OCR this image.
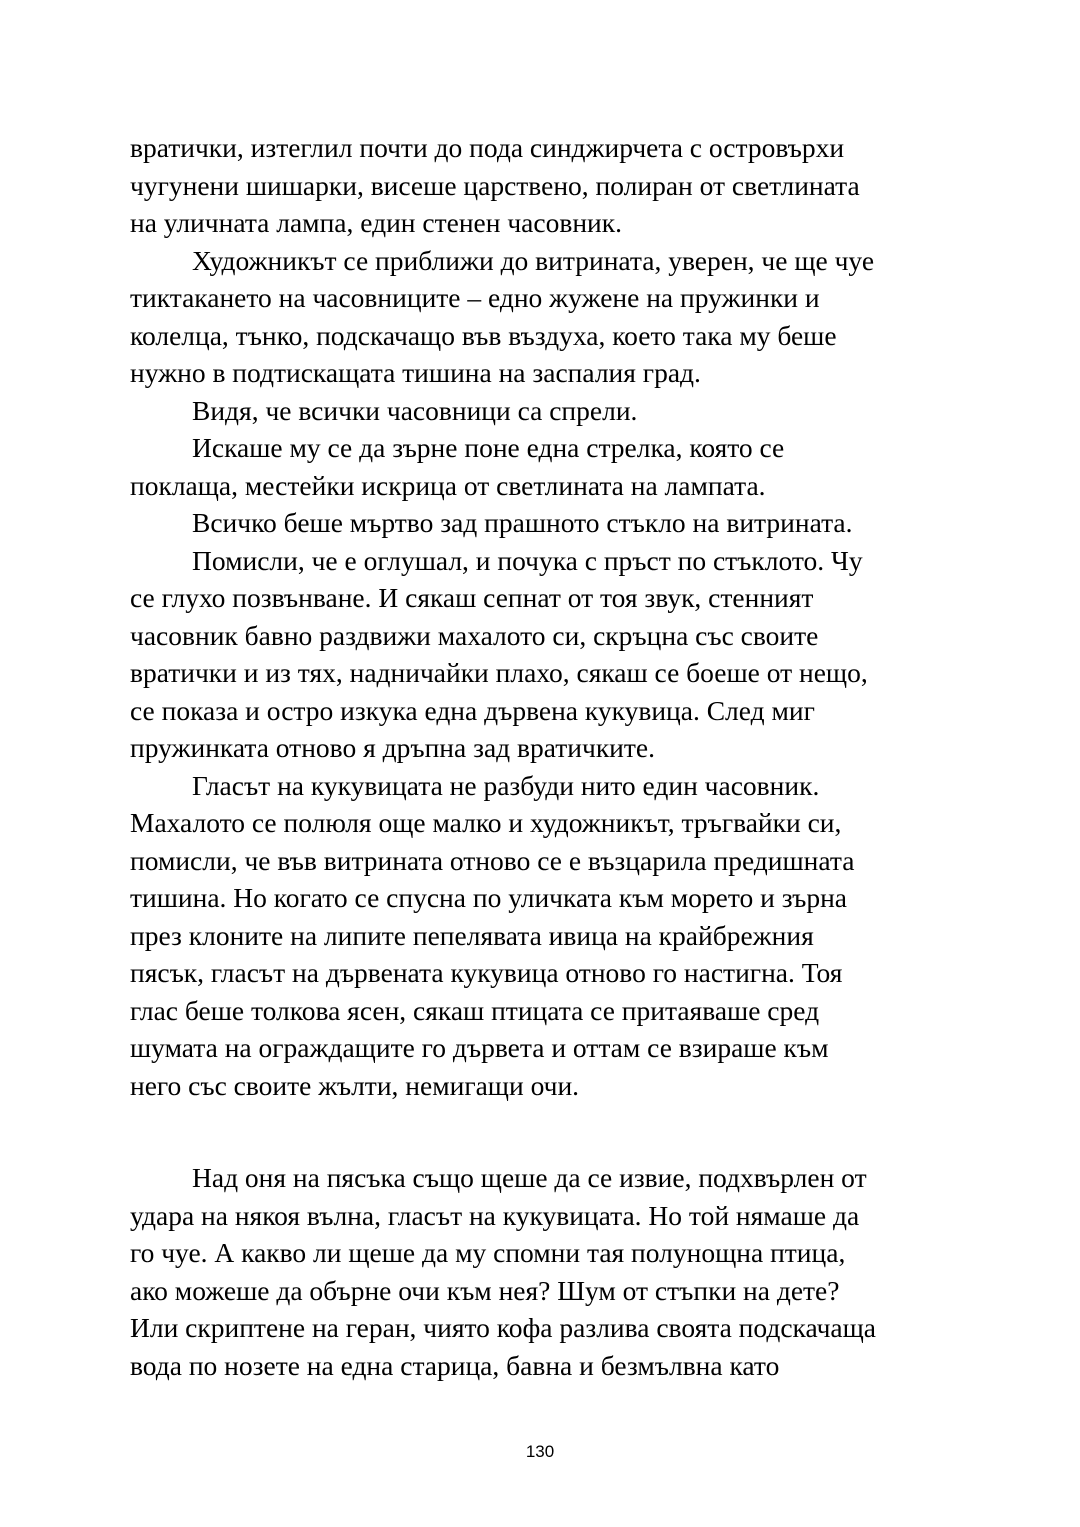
вратички, изтеглил почти до пода синджирчета с островърхи
чугунени шишарки, висеше царствено, полиран от светлината
на уличната лампа, един стенен часовник.
Художникът се приближи до витрината, уверен, че ще чуе
тиктакането на часовниците – едно жужене на пружинки и
колелца, тънко, подскачащо във въздуха, което така му беше
нужно в подтискащата тишина на заспалия град.
Видя, че всички часовници са спрели.
Искаше му се да зърне поне една стрелка, която се
поклаща, местейки искрица от светлината на лампата.
Всичко беше мъртво зад прашното стъкло на витрината.
Помисли, че е оглушал, и почука с пръст по стъклото. Чу
се глухо позвънване. И сякаш сепнат от тоя звук, стенният
часовник бавно раздвижи махалото си, скръцна със своите
вратички и из тях, надничайки плахо, сякаш се боеше от нещо,
се показа и остро изкука една дървена кукувица. След миг
пружинката отново я дръпна зад вратичките.
Гласът на кукувицата не разбуди нито един часовник.
Махалото се полюля още малко и художникът, тръгвайки си,
помисли, че във витрината отново се е възцарила предишната
тишина. Но когато се спусна по уличката към морето и зърна
през клоните на липите пепелявата ивица на крайбрежния
пясък, гласът на дървената кукувица отново го настигна. Тоя
глас беше толкова ясен, сякаш птицата се притаяваше сред
шумата на ограждащите го дървета и оттам се взираше към
него със своите жълти, немигащи очи.
Над оня на пясъка също щеше да се извие, подхвърлен от
удара на някоя вълна, гласът на кукувицата. Но той нямаше да
го чуе. А какво ли щеше да му спомни тая полунощна птица,
ако можеше да обърне очи към нея? Шум от стъпки на дете?
Или скриптене на геран, чиято кофа разлива своята подскачаща
вода по нозете на една старица, бавна и безмълвна като
130
